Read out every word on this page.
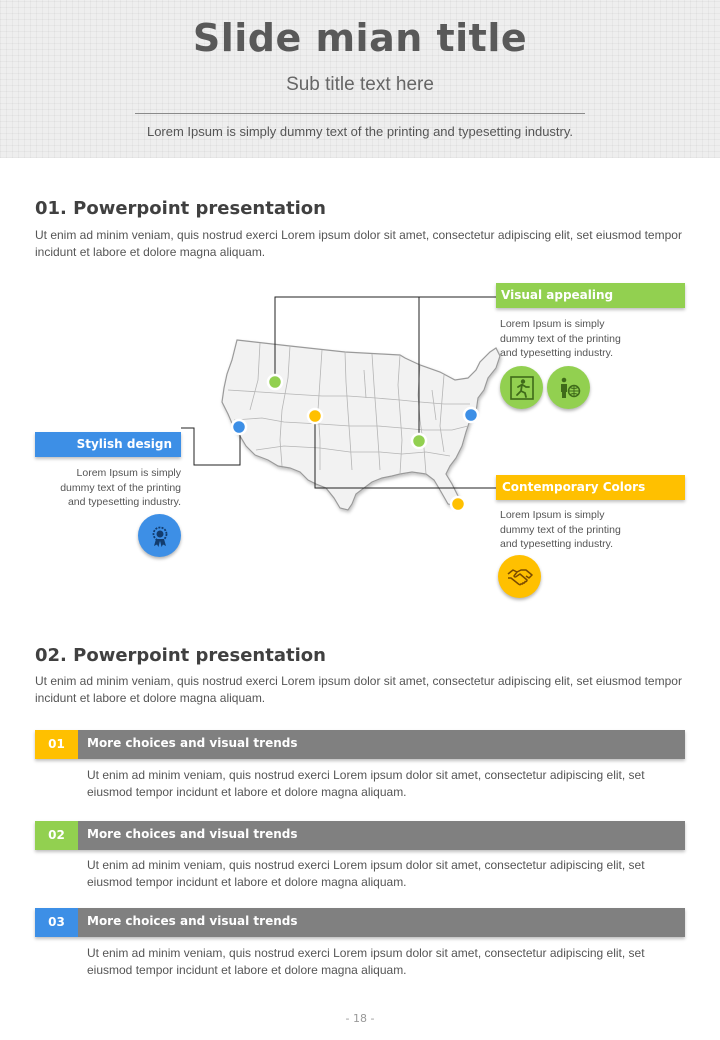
Slide mian title
Sub title text here
Lorem Ipsum is simply dummy text of the printing and typesetting industry.
01. Powerpoint presentation
Ut enim ad minim veniam, quis nostrud exerci Lorem ipsum dolor sit amet, consectetur adipiscing elit, set eiusmod tempor incidunt et labore et dolore magna aliquam.
Visual appealing
Lorem Ipsum is simply dummy text of the printing and typesetting industry.
Stylish design
Lorem Ipsum is simply dummy text of the printing and typesetting industry.
Contemporary Colors
Lorem Ipsum is simply dummy text of the printing and typesetting industry.
02. Powerpoint presentation
Ut enim ad minim veniam, quis nostrud exerci Lorem ipsum dolor sit amet, consectetur adipiscing elit, set eiusmod tempor incidunt et labore et dolore magna aliquam.
01	More choices and visual trends
Ut enim ad minim veniam, quis nostrud exerci Lorem ipsum dolor sit amet, consectetur adipiscing elit, set eiusmod tempor incidunt et labore et dolore magna aliquam.
02	More choices and visual trends
Ut enim ad minim veniam, quis nostrud exerci Lorem ipsum dolor sit amet, consectetur adipiscing elit, set eiusmod tempor incidunt et labore et dolore magna aliquam.
03	More choices and visual trends
Ut enim ad minim veniam, quis nostrud exerci Lorem ipsum dolor sit amet, consectetur adipiscing elit, set eiusmod tempor incidunt et labore et dolore magna aliquam.
- 18 -
